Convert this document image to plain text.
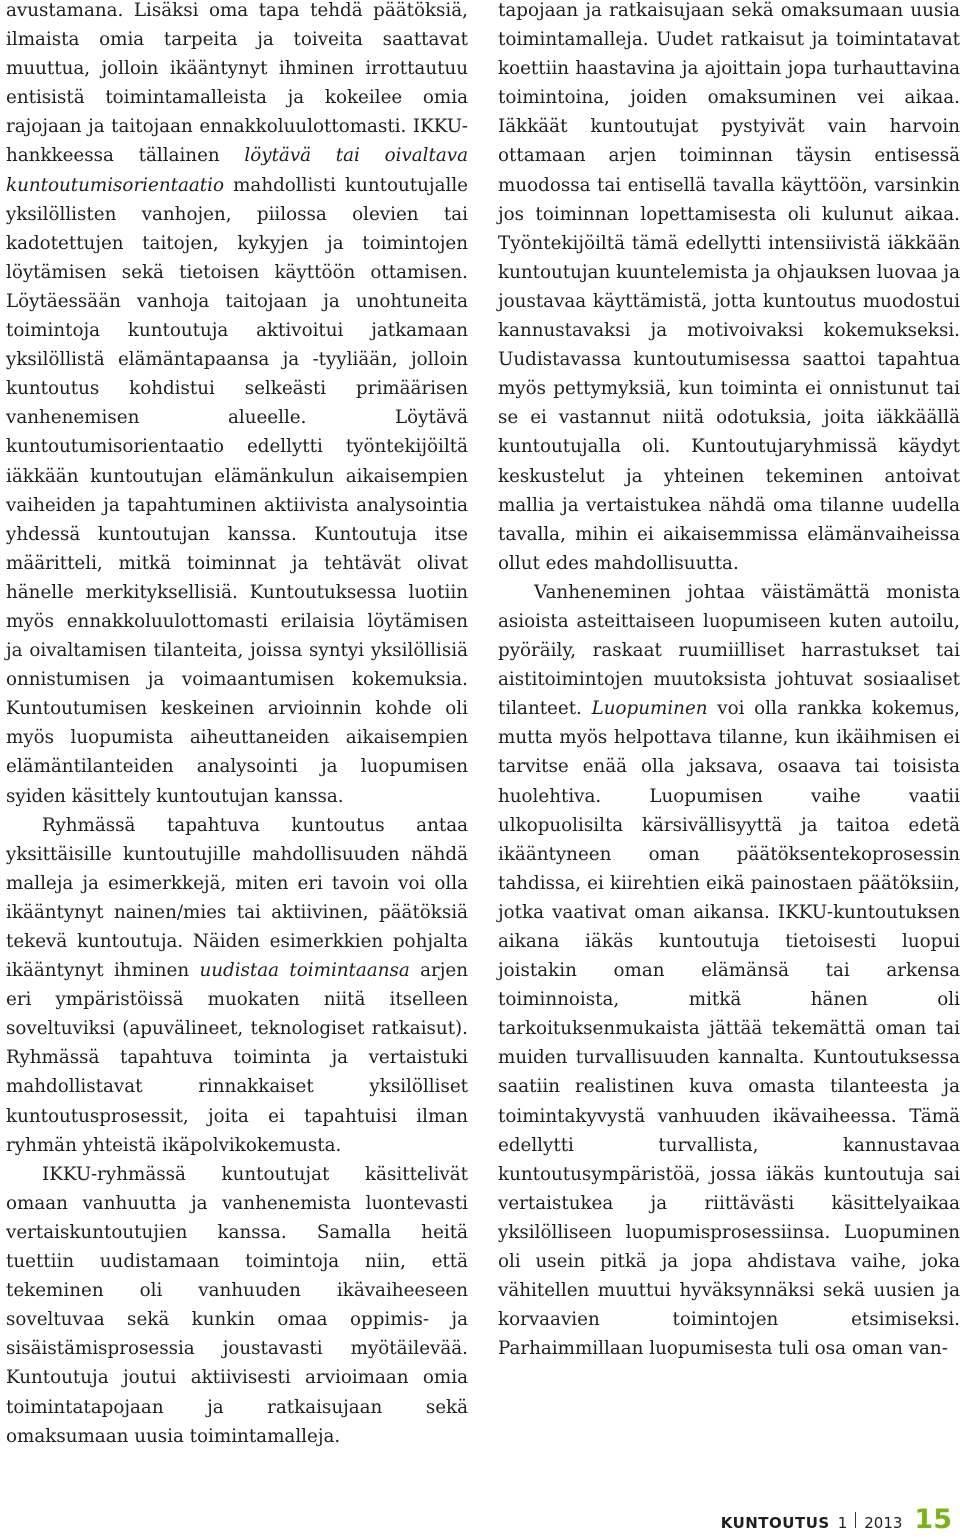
avustamana. Lisäksi oma tapa tehdä päätöksiä, ilmaista omia tarpeita ja toiveita saattavat muuttua, jolloin ikääntynyt ihminen irrottautuu entisistä toimintamalleista ja kokeilee omia rajojaan ja taitojaan ennakkoluulottomasti. IKKU-hankkeessa tällainen löytävä tai oivaltava kuntoutumisorientaatio mahdollisti kuntoutujalle yksilöllisten vanhojen, piilossa olevien tai kadotettujen taitojen, kykyjen ja toimintojen löytämisen sekä tietoisen käyttöön ottamisen. Löytäessään vanhoja taitojaan ja unohtuneita toimintoja kuntoutuja aktivoitui jatkamaan yksilöllistä elämäntapaansa ja -tyyliään, jolloin kuntoutus kohdistui selkeästi primäärisen vanhenemisen alueelle. Löytävä kuntoutumisorientaatio edellytti työntekijöiltä iäkkään kuntoutujan elämänkulun aikaisempien vaiheiden ja tapahtuminen aktiivista analysointia yhdessä kuntoutujan kanssa. Kuntoutuja itse määritteli, mitkä toiminnat ja tehtävät olivat hänelle merkityksellisiä. Kuntoutuksessa luotiin myös ennakkoluulottomasti erilaisia löytämisen ja oivaltamisen tilanteita, joissa syntyi yksilöllisiä onnistumisen ja voimaantumisen kokemuksia. Kuntoutumisen keskeinen arvioinnin kohde oli myös luopumista aiheuttaneiden aikaisempien elämäntilanteiden analysointi ja luopumisen syiden käsittely kuntoutujan kanssa.

Ryhmässä tapahtuva kuntoutus antaa yksittäisille kuntoutujille mahdollisuuden nähdä malleja ja esimerkkejä, miten eri tavoin voi olla ikääntynyt nainen/mies tai aktiivinen, päätöksiä tekevä kuntoutuja. Näiden esimerkkien pohjalta ikääntynyt ihminen uudistaa toimintaansa arjen eri ympäristöissä muokaten niitä itselleen soveltuviksi (apuvälineet, teknologiset ratkaisut). Ryhmässä tapahtuva toiminta ja vertaistuki mahdollistavat rinnakkaiset yksilölliset kuntoutusprosessit, joita ei tapahtuisi ilman ryhmän yhteistä ikäpolvikokemusta.

IKKU-ryhmässä kuntoutujat käsittelivät omaan vanhuutta ja vanhenemista luontevasti vertaiskuntoutujien kanssa. Samalla heitä tuettiin uudistamaan toimintoja niin, että tekeminen oli vanhuuden ikävaiheeseen soveltuvaa sekä kunkin omaa oppimis- ja sisäistämisprosessia joustavasti myötäilevää. Kuntoutuja joutui aktiivisesti arvioimaan omia toimintatapojaan ja ratkaisujaan sekä omaksumaan uusia toimintamalleja.

tapojaan ja ratkaisujaan sekä omaksumaan uusia toimintamalleja. Uudet ratkaisut ja toimintatavat koettiin haastavina ja ajoittain jopa turhauttavina toimintoina, joiden omaksuminen vei aikaa. Iäkkäät kuntoutujat pystyivät vain harvoin ottamaan arjen toiminnan täysin entisessä muodossa tai entisellä tavalla käyttöön, varsinkin jos toiminnan lopettamisesta oli kulunut aikaa. Työntekijöiltä tämä edellytti intensiivistä iäkkään kuntoutujan kuuntelemista ja ohjauksen luovaa ja joustavaa käyttämistä, jotta kuntoutus muodostui kannustavaksi ja motivoivaksi kokemukseksi. Uudistavassa kuntoutumisessa saattoi tapahtua myös pettymyksiä, kun toiminta ei onnistunut tai se ei vastannut niitä odotuksia, joita iäkkäällä kuntoutujalla oli. Kuntoutujaryhmissä käydyt keskustelut ja yhteinen tekeminen antoivat mallia ja vertaistukea nähdä oma tilanne uudella tavalla, mihin ei aikaisemmissa elämänvaiheissa ollut edes mahdollisuutta.

Vanheneminen johtaa väistämättä monista asioista asteittaiseen luopumiseen kuten autoilu, pyöräily, raskaat ruumiilliset harrastukset tai aistitoimintojen muutoksista johtuvat sosiaaliset tilanteet. Luopuminen voi olla rankka kokemus, mutta myös helpottava tilanne, kun ikäihmisen ei tarvitse enää olla jaksava, osaava tai toisista huolehtiva. Luopumisen vaihe vaatii ulkopuolisilta kärsivällisyyttä ja taitoa edetä ikääntyneen oman päätöksentekoprosessin tahdissa, ei kiirehtien eikä painostaen päätöksiin, jotka vaativat oman aikansa. IKKU-kuntoutuksen aikana iäkäs kuntoutuja tietoisesti luopui joistakin oman elämänsä tai arkensa toiminnoista, mitkä hänen oli tarkoituksenmukaista jättää tekemättä oman tai muiden turvallisuuden kannalta. Kuntoutuksessa saatiin realistinen kuva omasta tilanteesta ja toimintakyvystä vanhuuden ikävaiheessa. Tämä edellytti turvallista, kannustavaa kuntoutusympäristöä, jossa iäkäs kuntoutuja sai vertaistukea ja riittävästi käsittelyaikaa yksilölliseen luopumisprosessiinsa. Luopuminen oli usein pitkä ja jopa ahdistava vaihe, joka vähitellen muuttui hyväksynnäksi sekä uusien ja korvaavien toimintojen etsimiseksi. Parhaimmillaan luopumisesta tuli osa oman van-

KUNTOUTUS 1 2013 15
